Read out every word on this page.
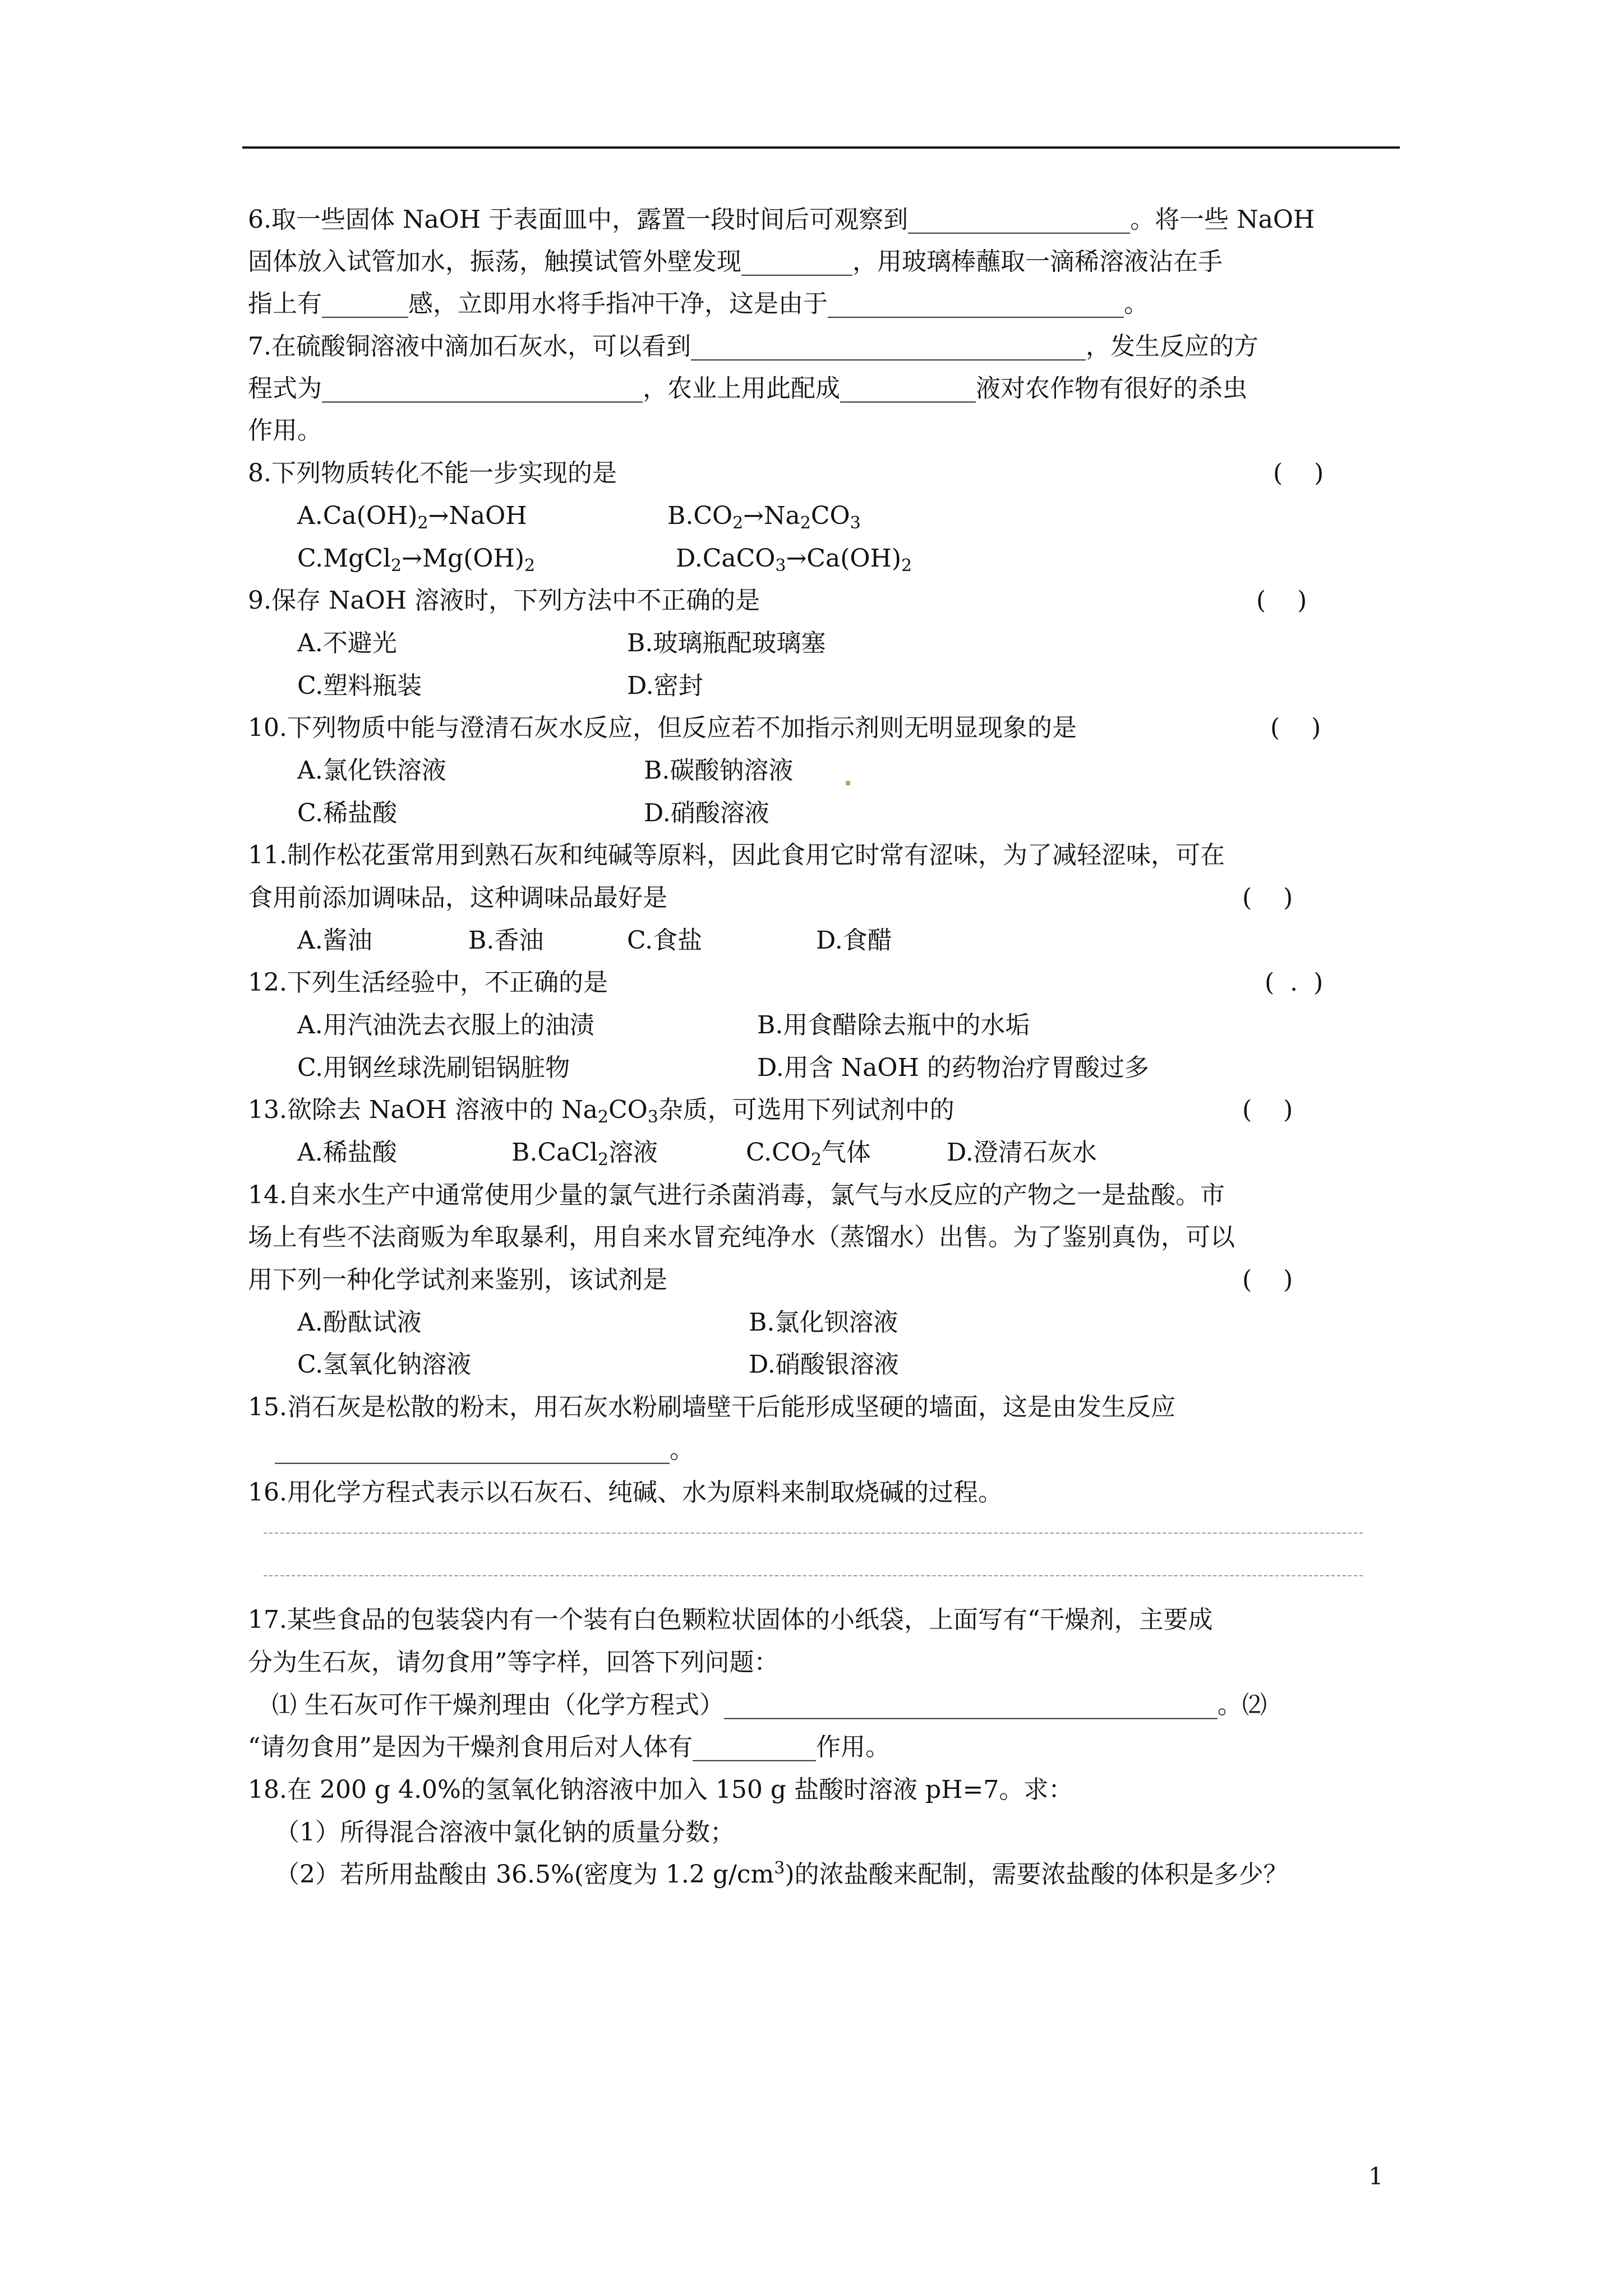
6.取一些固体 NaOH 于表面皿中，露置一段时间后可观察到__________________。将一些 NaOH
固体放入试管加水，振荡，触摸试管外壁发现_________，用玻璃棒蘸取一滴稀溶液沾在手
指上有_______感，立即用水将手指冲干净，这是由于________________________。
7.在硫酸铜溶液中滴加石灰水，可以看到________________________________，发生反应的方
程式为__________________________，农业上用此配成___________液对农作物有很好的杀虫
作用。
8.下列物质转化不能一步实现的是	(    )
$A.Ca(OH)_2\to NaOH$	$B.CO_2\to Na_2CO_3$
$C.MgCl_2\to Mg(OH)_2$	$D.CaCO_3\to Ca(OH)_2$
9.保存 NaOH 溶液时，下列方法中不正确的是	(    )
A.不避光	B.玻璃瓶配玻璃塞
C.塑料瓶装	D.密封
10.下列物质中能与澄清石灰水反应，但反应若不加指示剂则无明显现象的是	(    )
A.氯化铁溶液	B.碳酸钠溶液
C.稀盐酸	D.硝酸溶液
11.制作松花蛋常用到熟石灰和纯碱等原料，因此食用它时常有涩味，为了减轻涩味，可在
食用前添加调味品，这种调味品最好是	(    )
A.酱油	B.香油	C.食盐	D.食醋
12.下列生活经验中，不正确的是	(  .  )
A.用汽油洗去衣服上的油渍	B.用食醋除去瓶中的水垢
C.用钢丝球洗刷铝锅脏物	D.用含 NaOH 的药物治疗胃酸过多
13.欲除去 NaOH 溶液中的 $Na_2CO_3$杂质，可选用下列试剂中的	(    )
A.稀盐酸	B.CaCl$_2$溶液	$C.CO_2$气体	D.澄清石灰水
14.自来水生产中通常使用少量的氯气进行杀菌消毒，氯气与水反应的产物之一是盐酸。市
场上有些不法商贩为牟取暴利，用自来水冒充纯净水（蒸馏水）出售。为了鉴别真伪，可以
用下列一种化学试剂来鉴别，该试剂是	(    )
A.酚酞试液	B.氯化钡溶液
C.氢氧化钠溶液	D.硝酸银溶液
15.消石灰是松散的粉末，用石灰水粉刷墙壁干后能形成坚硬的墙面，这是由发生反应
________________________________。
16.用化学方程式表示以石灰石、纯碱、水为原料来制取烧碱的过程。
17.某些食品的包装袋内有一个装有白色颗粒状固体的小纸袋，上面写有“干燥剂，主要成
分为生石灰，请勿食用”等字样，回答下列问题：
⑴ 生石灰可作干燥剂理由（化学方程式）________________________________________。⑵
“请勿食用”是因为干燥剂食用后对人体有__________作用。
18.在 200 g 4.0%的氢氧化钠溶液中加入 150 g 盐酸时溶液 pH=7。求：
（1）所得混合溶液中氯化钠的质量分数；
（2）若所用盐酸由 36.5%(密度为 1.2 $g/cm^3$)的浓盐酸来配制，需要浓盐酸的体积是多少？
1
